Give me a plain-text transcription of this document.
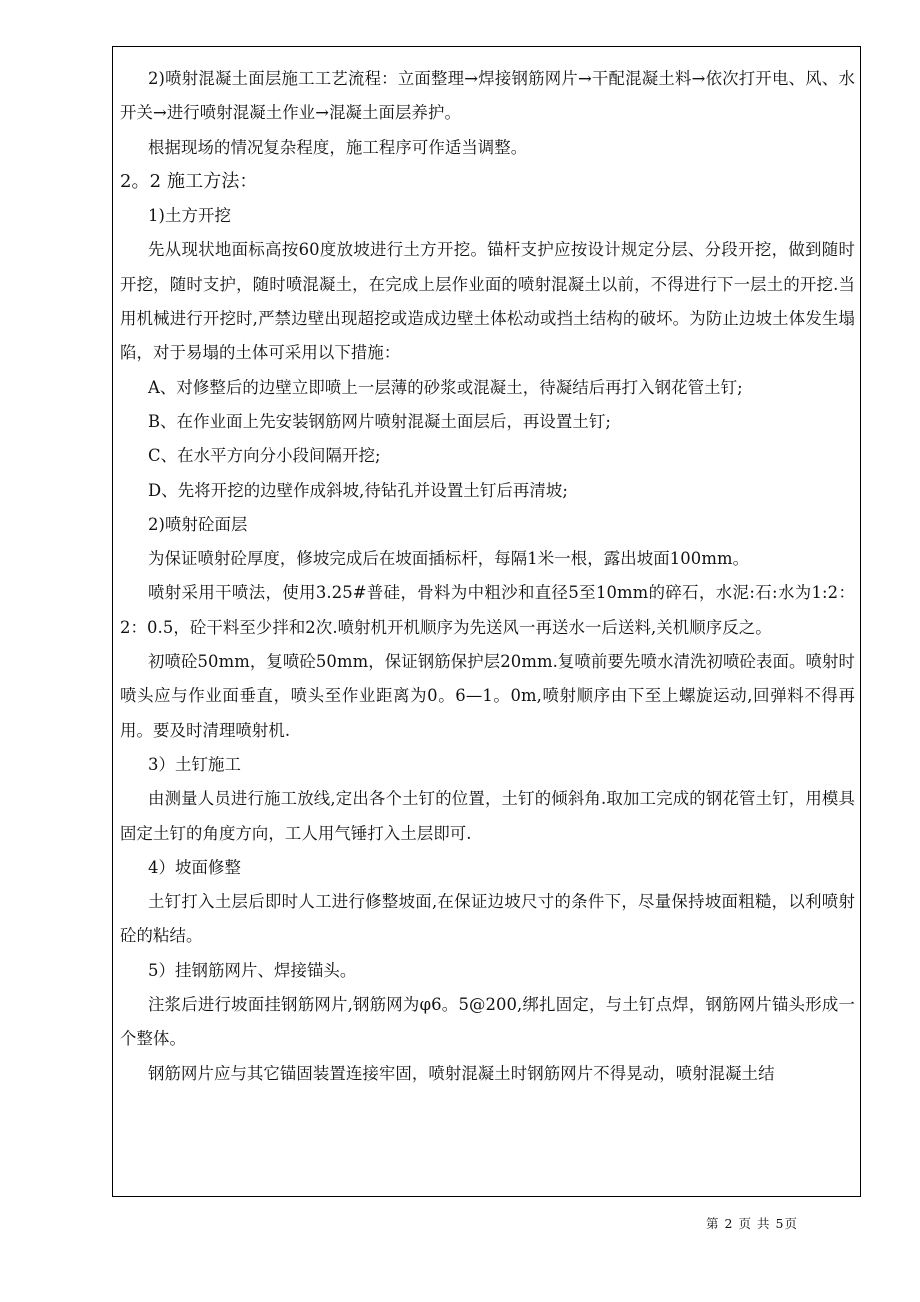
2)喷射混凝土面层施工工艺流程：立面整理→焊接钢筋网片→干配混凝土料→依次打开电、风、水开关→进行喷射混凝土作业→混凝土面层养护。

根据现场的情况复杂程度，施工程序可作适当调整。

2。2 施工方法：

1)土方开挖

先从现状地面标高按60度放坡进行土方开挖。锚杆支护应按设计规定分层、分段开挖，做到随时开挖，随时支护，随时喷混凝土，在完成上层作业面的喷射混凝土以前，不得进行下一层土的开挖.当用机械进行开挖时,严禁边壁出现超挖或造成边壁土体松动或挡土结构的破坏。为防止边坡土体发生塌陷，对于易塌的土体可采用以下措施：

A、对修整后的边壁立即喷上一层薄的砂浆或混凝土，待凝结后再打入钢花管土钉;

B、在作业面上先安装钢筋网片喷射混凝土面层后，再设置土钉;

C、在水平方向分小段间隔开挖;

D、先将开挖的边壁作成斜坡,待钻孔并设置土钉后再清坡;

2)喷射砼面层

为保证喷射砼厚度，修坡完成后在坡面插标杆，每隔1米一根，露出坡面100mm。

喷射采用干喷法，使用3.25#普硅，骨料为中粗沙和直径5至10mm的碎石，水泥:石:水为1:2：2：0.5，砼干料至少拌和2次.喷射机开机顺序为先送风一再送水一后送料,关机顺序反之。

初喷砼50mm，复喷砼50mm，保证钢筋保护层20mm.复喷前要先喷水清洗初喷砼表面。喷射时喷头应与作业面垂直，喷头至作业距离为0。6—1。0m,喷射顺序由下至上螺旋运动,回弹料不得再用。要及时清理喷射机.

3）土钉施工

由测量人员进行施工放线,定出各个土钉的位置，土钉的倾斜角.取加工完成的钢花管土钉，用模具固定土钉的角度方向，工人用气锤打入土层即可.

4）坡面修整

土钉打入土层后即时人工进行修整坡面,在保证边坡尺寸的条件下，尽量保持坡面粗糙，以利喷射砼的粘结。

5）挂钢筋网片、焊接锚头。

注浆后进行坡面挂钢筋网片,钢筋网为φ6。5@200,绑扎固定，与土钉点焊，钢筋网片锚头形成一个整体。

钢筋网片应与其它锚固装置连接牢固，喷射混凝土时钢筋网片不得晃动，喷射混凝土结

第 2 页 共 5页
